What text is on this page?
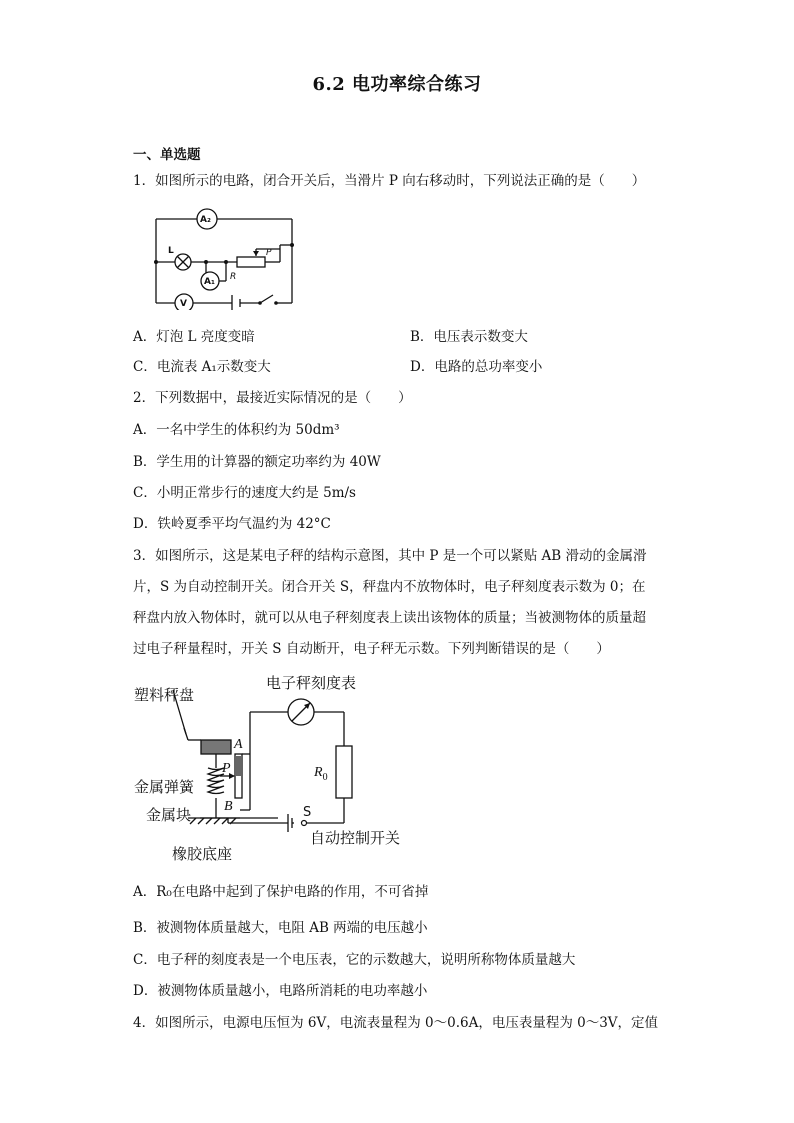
6.2 电功率综合练习
一、单选题
1．如图所示的电路，闭合开关后，当滑片 P 向右移动时，下列说法正确的是（　　）
A₂
A₁
V
L	P
R
A．灯泡 L 亮度变暗	B．电压表示数变大
C．电流表 A₁示数变大	D．电路的总功率变小
2．下列数据中，最接近实际情况的是（　　）
A．一名中学生的体积约为 50dm³
B．学生用的计算器的额定功率约为 40W
C．小明正常步行的速度大约是 5m/s
D．铁岭夏季平均气温约为 42°C
3．如图所示，这是某电子秤的结构示意图，其中 P 是一个可以紧贴 AB 滑动的金属滑
片，S 为自动控制开关。闭合开关 S，秤盘内不放物体时，电子秤刻度表示数为 0；在
秤盘内放入物体时，就可以从电子秤刻度表上读出该物体的质量；当被测物体的质量超
过电子秤量程时，开关 S 自动断开，电子秤无示数。下列判断错误的是（　　）
塑料秤盘
电子秤刻度表
金属弹簧
金属块
橡胶底座
自动控制开关
S
$R_0$
A
B
P
A．R₀在电路中起到了保护电路的作用，不可省掉
B．被测物体质量越大，电阻 AB 两端的电压越小
C．电子秤的刻度表是一个电压表，它的示数越大，说明所称物体质量越大
D．被测物体质量越小，电路所消耗的电功率越小
4．如图所示，电源电压恒为 6V，电流表量程为 0～0.6A，电压表量程为 0～3V，定值
